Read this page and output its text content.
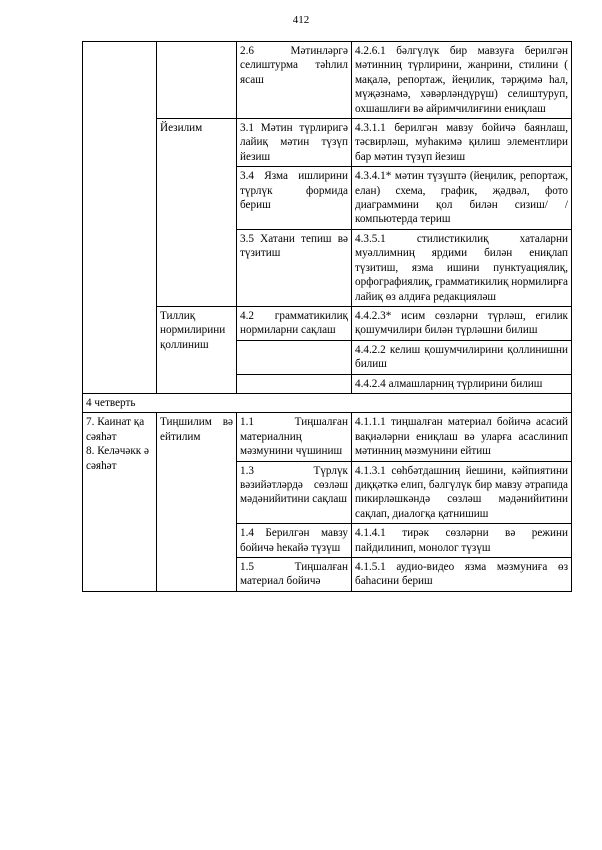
412
		2.6 Мәтинләргә селиштурма тәһлил ясаш	4.2.6.1 бәлгүлүк бир мавзуға берилгән мәтинниң түрлирини, жанрини, стилини ( мақалә, репортаж, йеңилик, тәрҗимә һал, мүҗәзнамә, хәвәрләндүрүш) селиштуруп, охшашлиғи вә айримчилиғини ениқлаш
	Йезилим	3.1 Мәтин түрлиригә лайиқ мәтин түзүп йезиш	4.3.1.1 берилгән мавзу бойичә баянлаш, тәсвирләш, муһакимә қилиш элементлири бар мәтин түзүп йезиш
		3.4 Язма ишлирини түрлүк формида бериш	4.3.4.1* мәтин түзүштә (йеңилик, репортаж, елан) схема, график, җәдвәл, фото диаграммини қол билән сизиш/ /компьютерда териш
		3.5 Хатани тепиш вә түзитиш	4.3.5.1 стилистикилиқ хаталарни муәллимниң ярдими билән ениқлап түзитиш, язма ишини пунктуациялиқ, орфографиялиқ, грамматикилиқ нормилирға лайиқ өз алдиға редакцияләш
	Тиллиқ нормилирини қоллиниш	4.2 грамматикилиқ нормиларни сақлаш	4.4.2.3* исим сөзләрни түрләш, егилик қошумчилири билән түрләшни билиш
			4.4.2.2 келиш қошумчилирини қоллинишни билиш
			4.4.2.4 алмашларниң түрлирини билиш
4 четверть			

7. Каинат қа сәяһәт
8. Келәчәкк ә сәяһәт	Тиңшилим вә ейтилим	1.1 Тиңшалған материалниң мәзмунини чүшиниш	4.1.1.1 тиңшалған материал бойичә асасий вақиәләрни ениқлаш вә уларға асаслинип мәтинниң мәзмунини ейтиш
		1.3 Түрлүк вәзийәтләрдә сөзләш мәдәнийитини сақлаш	4.1.3.1 сөһбәтдашниң йешини, кәйпиятини диққәткә елип, бәлгүлүк бир мавзу әтрапида пикирләшкәндә сөзләш мәдәнийитини сақлап, диалогқа қатнишиш
		1.4 Берилгән мавзу бойичә һекайә түзүш	4.1.4.1 тирәк сөзләрни вә режини пайдилинип, монолог түзүш
		1.5 Тиңшалған материал бойичә	4.1.5.1 аудио-видео язма мәзмуниға өз баһасини бериш
